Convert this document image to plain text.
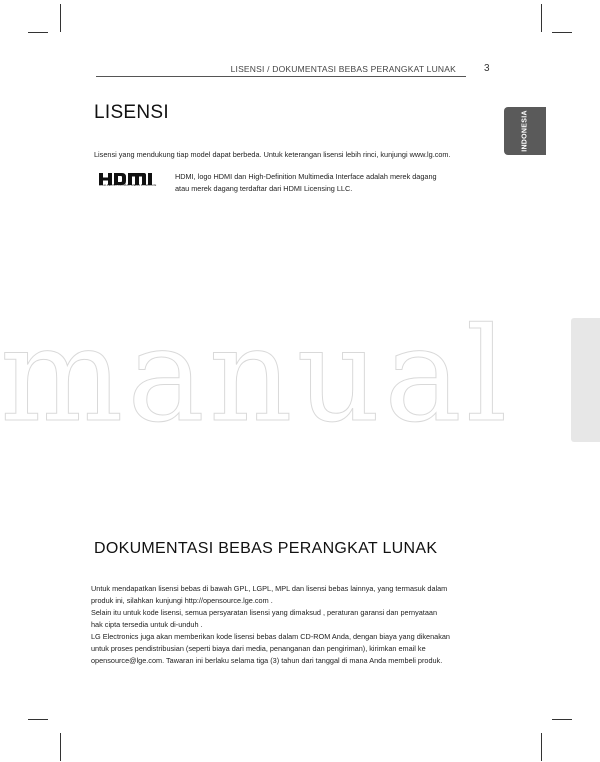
LISENSI / DOKUMENTASI BEBAS PERANGKAT LUNAK	3
INDONESIA
LISENSI
Lisensi yang mendukung tiap model dapat berbeda. Untuk keterangan lisensi lebih rinci, kunjungi www.lg.com.
HIGH-DEFINITION MULTIMEDIA INTERFACE
HDMI, logo HDMI dan High-Definition Multimedia Interface adalah merek dagang
atau merek dagang terdaftar dari HDMI Licensing LLC.
manual
DOKUMENTASI BEBAS PERANGKAT LUNAK
Untuk mendapatkan lisensi bebas di bawah GPL, LGPL, MPL dan lisensi bebas lainnya, yang termasuk dalam
produk ini, silahkan kunjungi http://opensource.lge.com .
Selain itu untuk kode lisensi, semua persyaratan lisensi yang dimaksud , peraturan garansi dan pernyataan
hak cipta tersedia untuk di-unduh .
LG Electronics juga akan memberikan kode lisensi bebas dalam CD-ROM Anda, dengan biaya yang dikenakan
untuk proses pendistribusian (seperti biaya dari media, penanganan dan pengiriman), kirimkan email ke
opensource@lge.com. Tawaran ini berlaku selama tiga (3) tahun dari tanggal di mana Anda membeli produk.
